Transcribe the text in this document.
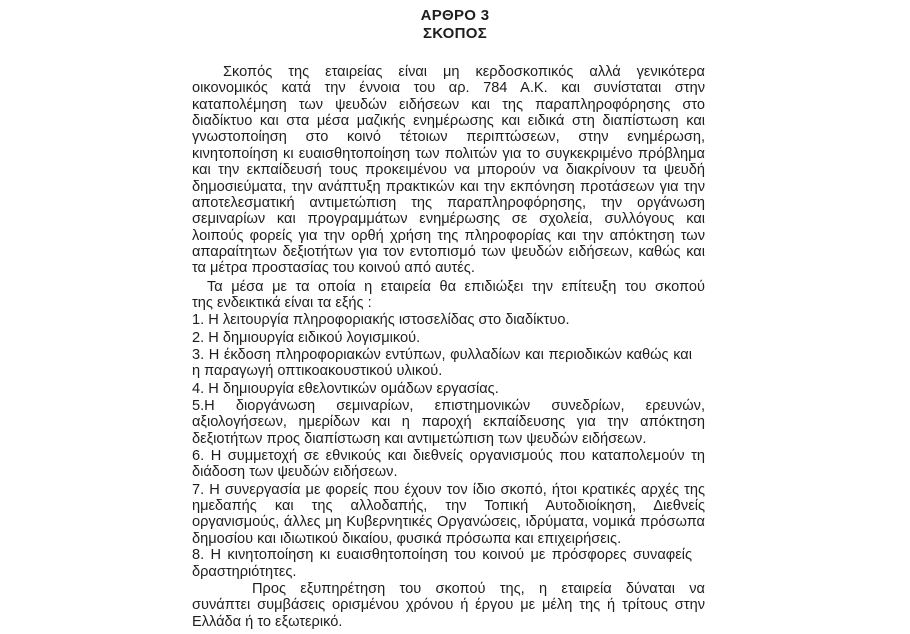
ΑΡΘΡΟ 3
ΣΚΟΠΟΣ

Σκοπός της εταιρείας είναι μη κερδοσκοπικός αλλά γενικότερα

οικονομικός κατά την έννοια του αρ. 784 Α.Κ. και συνίσταται στην

καταπολέμηση των ψευδών ειδήσεων και της παραπληροφόρησης στο

διαδίκτυο και στα μέσα μαζικής ενημέρωσης και ειδικά στη διαπίστωση και

γνωστοποίηση στο κοινό τέτοιων περιπτώσεων, στην ενημέρωση,

κινητοποίηση κι ευαισθητοποίηση των πολιτών για το συγκεκριμένο πρόβλημα

και την εκπαίδευσή τους προκειμένου να μπορούν να διακρίνουν τα ψευδή

δημοσιεύματα, την ανάπτυξη πρακτικών και την εκπόνηση προτάσεων για την

αποτελεσματική αντιμετώπιση της παραπληροφόρησης, την οργάνωση

σεμιναρίων και προγραμμάτων ενημέρωσης σε σχολεία, συλλόγους και

λοιπούς φορείς για την ορθή χρήση της πληροφορίας και την απόκτηση των

απαραίτητων δεξιοτήτων για τον εντοπισμό των ψευδών ειδήσεων, καθώς και

τα μέτρα προστασίας του κοινού από αυτές.

Τα μέσα με τα οποία η εταιρεία θα επιδιώξει την επίτευξη του σκοπού

της ενδεικτικά είναι τα εξής :

1. Η λειτουργία πληροφοριακής ιστοσελίδας στο διαδίκτυο.

2. Η δημιουργία ειδικού λογισμικού.

3. Η έκδοση πληροφοριακών εντύπων, φυλλαδίων και περιοδικών καθώς και

η παραγωγή οπτικοακουστικού υλικού.

4. Η δημιουργία εθελοντικών ομάδων εργασίας.

5.Η διοργάνωση σεμιναρίων, επιστημονικών συνεδρίων, ερευνών,

αξιολογήσεων, ημερίδων και η παροχή εκπαίδευσης για την απόκτηση

δεξιοτήτων προς διαπίστωση και αντιμετώπιση των ψευδών ειδήσεων.

6. Η συμμετοχή σε εθνικούς και διεθνείς οργανισμούς που καταπολεμούν τη

διάδοση των ψευδών ειδήσεων.

7. Η συνεργασία με φορείς που έχουν τον ίδιο σκοπό, ήτοι κρατικές αρχές της

ημεδαπής και της αλλοδαπής, την Τοπική Αυτοδιοίκηση, Διεθνείς

οργανισμούς, άλλες μη Κυβερνητικές Οργανώσεις, ιδρύματα, νομικά πρόσωπα

δημοσίου και ιδιωτικού δικαίου, φυσικά πρόσωπα και επιχειρήσεις.

8. Η κινητοποίηση κι ευαισθητοποίηση του κοινού με πρόσφορες συναφείς

δραστηριότητες.

Προς εξυπηρέτηση του σκοπού της, η εταιρεία δύναται να

συνάπτει συμβάσεις ορισμένου χρόνου ή έργου με μέλη της ή τρίτους στην

Ελλάδα ή το εξωτερικό.
